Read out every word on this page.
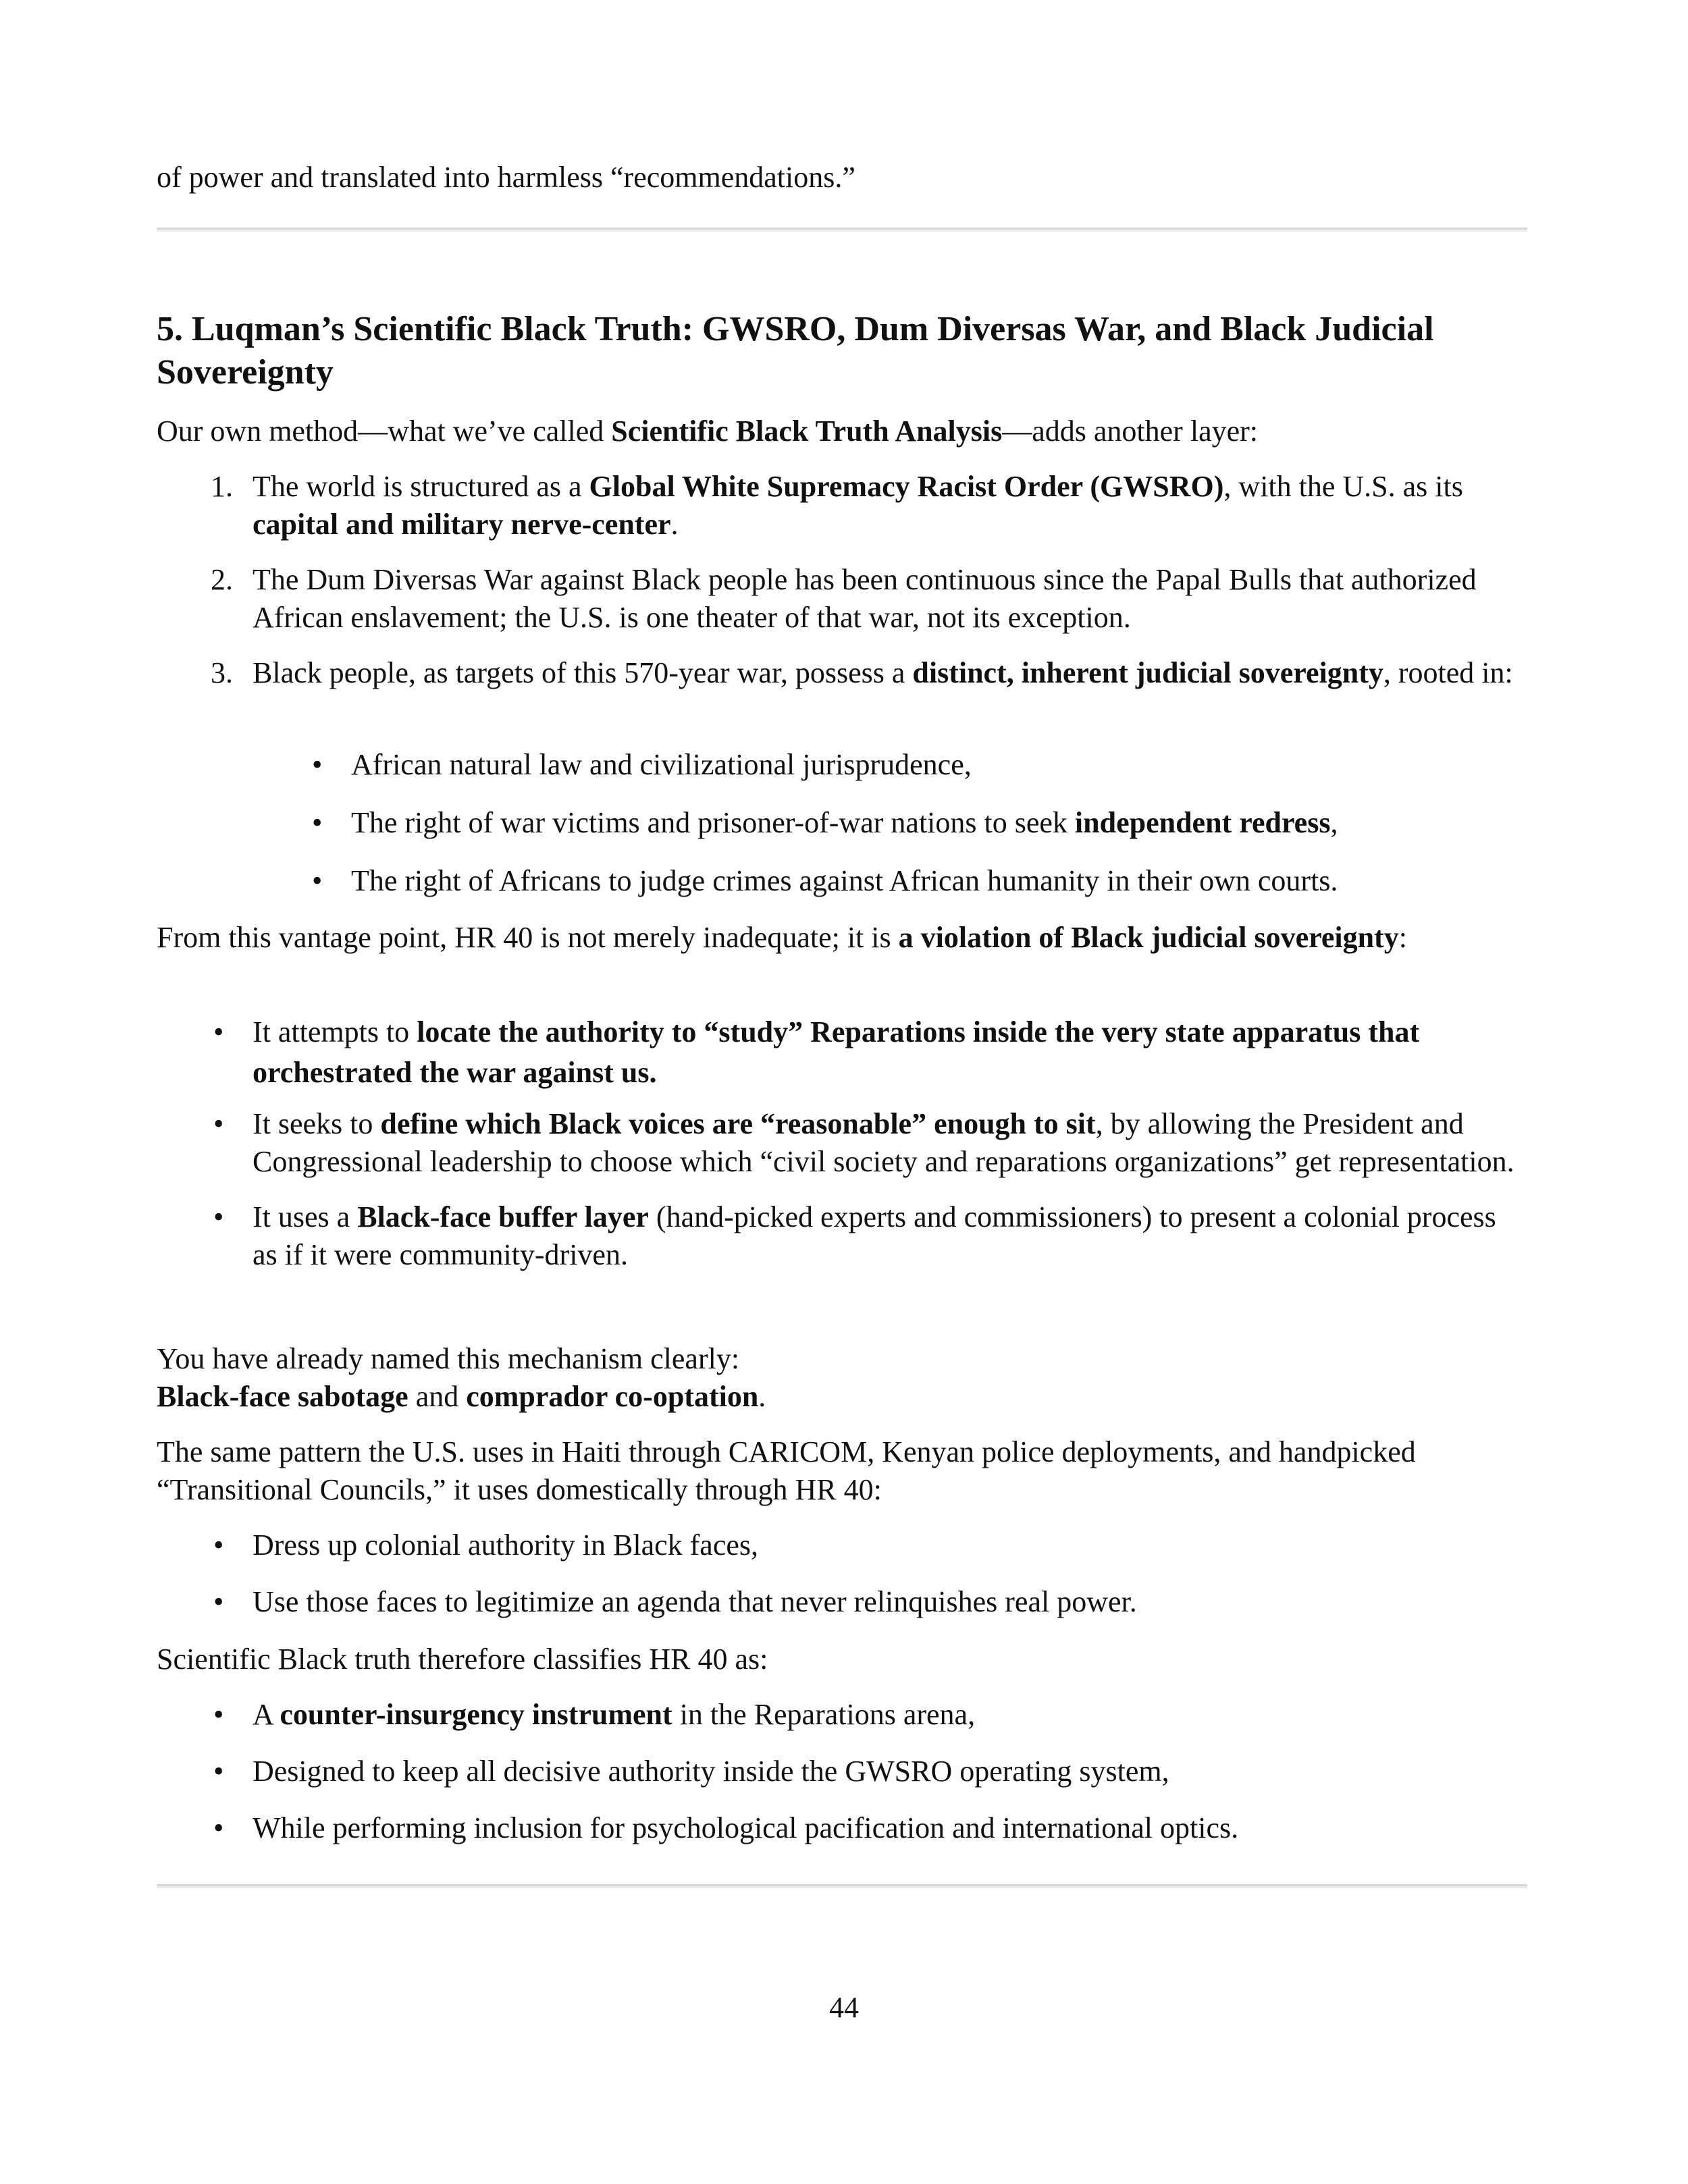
of power and translated into harmless “recommendations.”

5. Luqman’s Scientific Black Truth: GWSRO, Dum Diversas War, and Black Judicial Sovereignty

Our own method—what we’ve called Scientific Black Truth Analysis—adds another layer:

1. The world is structured as a Global White Supremacy Racist Order (GWSRO), with the U.S. as its capital and military nerve-center.
2. The Dum Diversas War against Black people has been continuous since the Papal Bulls that authorized African enslavement; the U.S. is one theater of that war, not its exception.
3. Black people, as targets of this 570-year war, possess a distinct, inherent judicial sovereignty, rooted in:
• African natural law and civilizational jurisprudence,
• The right of war victims and prisoner-of-war nations to seek independent redress,
• The right of Africans to judge crimes against African humanity in their own courts.

From this vantage point, HR 40 is not merely inadequate; it is a violation of Black judicial sovereignty:

• It attempts to locate the authority to “study” Reparations inside the very state apparatus that orchestrated the war against us.
• It seeks to define which Black voices are “reasonable” enough to sit, by allowing the President and Congressional leadership to choose which “civil society and reparations organizations” get representation.
• It uses a Black-face buffer layer (hand-picked experts and commissioners) to present a colonial process as if it were community-driven.

You have already named this mechanism clearly:
Black-face sabotage and comprador co-optation.

The same pattern the U.S. uses in Haiti through CARICOM, Kenyan police deployments, and handpicked “Transitional Councils,” it uses domestically through HR 40:

• Dress up colonial authority in Black faces,
• Use those faces to legitimize an agenda that never relinquishes real power.

Scientific Black truth therefore classifies HR 40 as:

• A counter-insurgency instrument in the Reparations arena,
• Designed to keep all decisive authority inside the GWSRO operating system,
• While performing inclusion for psychological pacification and international optics.
44
